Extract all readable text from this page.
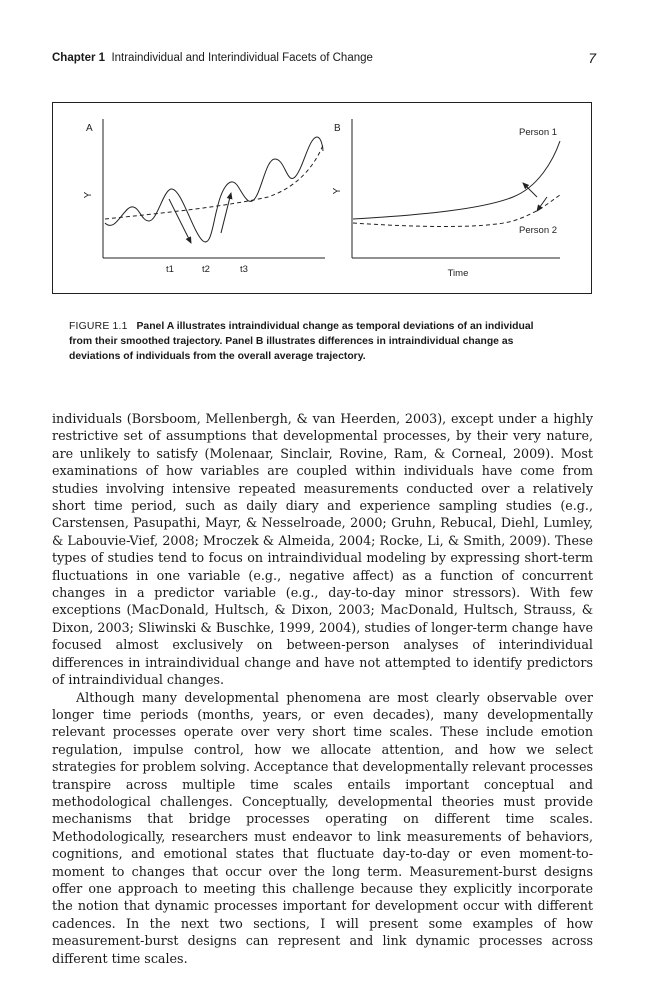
Chapter 1 Intraindividual and Interindividual Facets of Change	7
A
Y
t1	t2	t3
B
Y
Person 1
Person 2
Time
FIGURE 1.1 Panel A illustrates intraindividual change as temporal deviations of an individual from their smoothed trajectory. Panel B illustrates differences in intraindividual change as deviations of individuals from the overall average trajectory.

individuals (Borsboom, Mellenbergh, & van Heerden, 2003), except under a highly restrictive set of assumptions that developmental processes, by their very nature, are unlikely to satisfy (Molenaar, Sinclair, Rovine, Ram, & Corneal, 2009). Most examinations of how variables are coupled within individuals have come from studies involving intensive repeated measurements conducted over a relatively short time period, such as daily diary and experience sampling studies (e.g., Carstensen, Pasupathi, Mayr, & Nesselroade, 2000; Gruhn, Rebucal, Diehl, Lumley, & Labouvie-Vief, 2008; Mroczek & Almeida, 2004; Rocke, Li, & Smith, 2009). These types of studies tend to focus on intraindividual modeling by expressing short-term fluctuations in one variable (e.g., negative affect) as a function of concurrent changes in a predictor variable (e.g., day-to-day minor stressors). With few exceptions (MacDonald, Hultsch, & Dixon, 2003; MacDonald, Hultsch, Strauss, & Dixon, 2003; Sliwinski & Buschke, 1999, 2004), studies of longer-term change have focused almost exclusively on between-person analyses of interindividual differences in intraindividual change and have not attempted to identify predictors of intraindividual changes.

Although many developmental phenomena are most clearly observable over longer time periods (months, years, or even decades), many developmentally relevant processes operate over very short time scales. These include emotion regulation, impulse control, how we allocate attention, and how we select strategies for problem solving. Acceptance that developmentally relevant processes transpire across multiple time scales entails important conceptual and methodological challenges. Conceptually, developmental theories must provide mechanisms that bridge processes operating on different time scales. Methodologically, researchers must endeavor to link measurements of behaviors, cognitions, and emotional states that fluctuate day-to-day or even moment-to-moment to changes that occur over the long term. Measurement-burst designs offer one approach to meeting this challenge because they explicitly incorporate the notion that dynamic processes important for development occur with different cadences. In the next two sections, I will present some examples of how measurement-burst designs can represent and link dynamic processes across different time scales.
